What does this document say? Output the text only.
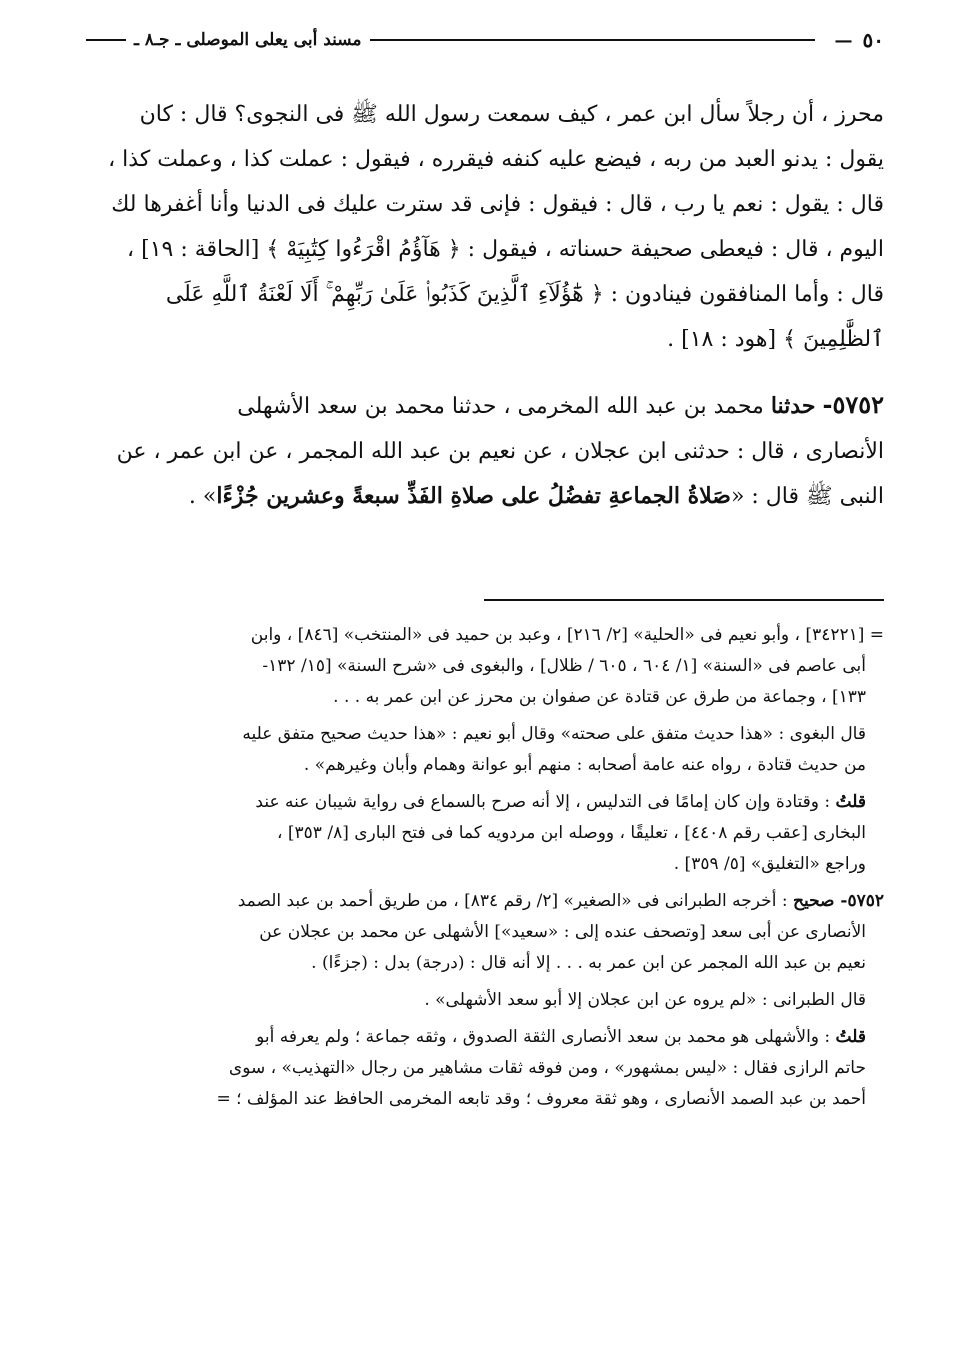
٥٠
—
مسند أبى يعلى الموصلى ـ جـ٨ ـ

محرز ، أن رجلاً سأل ابن عمر ، كيف سمعت رسول الله ﷺ فى النجوى؟ قال : كان

يقول : يدنو العبد من ربه ، فيضع عليه كنفه فيقرره ، فيقول : عملت كذا ، وعملت كذا ،

قال : يقول : نعم يا رب ، قال : فيقول : فإنى قد سترت عليك فى الدنيا وأنا أغفرها لك

اليوم ، قال : فيعطى صحيفة حسناته ، فيقول : ﴿ هَآؤُمُ اقْرَءُوا كِتَٰبِيَهْ ﴾ [الحاقة : ١٩] ،

قال : وأما المنافقون فينادون : ﴿ هَٰٓؤُلَآءِ ٱلَّذِينَ كَذَبُوا۟ عَلَىٰ رَبِّهِمْ ۚ أَلَا لَعْنَةُ ٱللَّهِ عَلَى

ٱلظَّٰلِمِينَ ﴾ [هود : ١٨] .

٥٧٥٢- حدثنا محمد بن عبد الله المخرمى ، حدثنا محمد بن سعد الأشهلى

الأنصارى ، قال : حدثنى ابن عجلان ، عن نعيم بن عبد الله المجمر ، عن ابن عمر ، عن

النبى ﷺ قال : «صَلاةُ الجماعةِ تفضُلُ على صلاةِ الفَذِّ سبعةً وعشرين جُزْءًا» .

= [٣٤٢٢١] ، وأبو نعيم فى «الحلية» [٢/ ٢١٦] ، وعبد بن حميد فى «المنتخب» [٨٤٦] ، وابن

أبى عاصم فى «السنة» [١/ ٦٠٤ ، ٦٠٥ / ظلال] ، والبغوى فى «شرح السنة» [١٥/ ١٣٢-

١٣٣] ، وجماعة من طرق عن قتادة عن صفوان بن محرز عن ابن عمر به . . .

قال البغوى : «هذا حديث متفق على صحته» وقال أبو نعيم : «هذا حديث صحيح متفق عليه

من حديث قتادة ، رواه عنه عامة أصحابه : منهم أبو عوانة وهمام وأبان وغيرهم» .

قلتُ : وقتادة وإن كان إمامًا فى التدليس ، إلا أنه صرح بالسماع فى رواية شيبان عنه عند

البخارى [عقب رقم ٤٤٠٨] ، تعليقًا ، ووصله ابن مردويه كما فى فتح البارى [٨/ ٣٥٣] ،

وراجع «التغليق» [٥/ ٣٥٩] .

٥٧٥٢- صحيح : أخرجه الطبرانى فى «الصغير» [٢/ رقم ٨٣٤] ، من طريق أحمد بن عبد الصمد

الأنصارى عن أبى سعد [وتصحف عنده إلى : «سعيد»] الأشهلى عن محمد بن عجلان عن

نعيم بن عبد الله المجمر عن ابن عمر به . . . إلا أنه قال : (درجة) بدل : (جزءًا) .

قال الطبرانى : «لم يروه عن ابن عجلان إلا أبو سعد الأشهلى» .

قلتُ : والأشهلى هو محمد بن سعد الأنصارى الثقة الصدوق ، وثقه جماعة ؛ ولم يعرفه أبو

حاتم الرازى فقال : «ليس بمشهور» ، ومن فوقه ثقات مشاهير من رجال «التهذيب» ، سوى

أحمد بن عبد الصمد الأنصارى ، وهو ثقة معروف ؛ وقد تابعه المخرمى الحافظ عند المؤلف ؛ =
